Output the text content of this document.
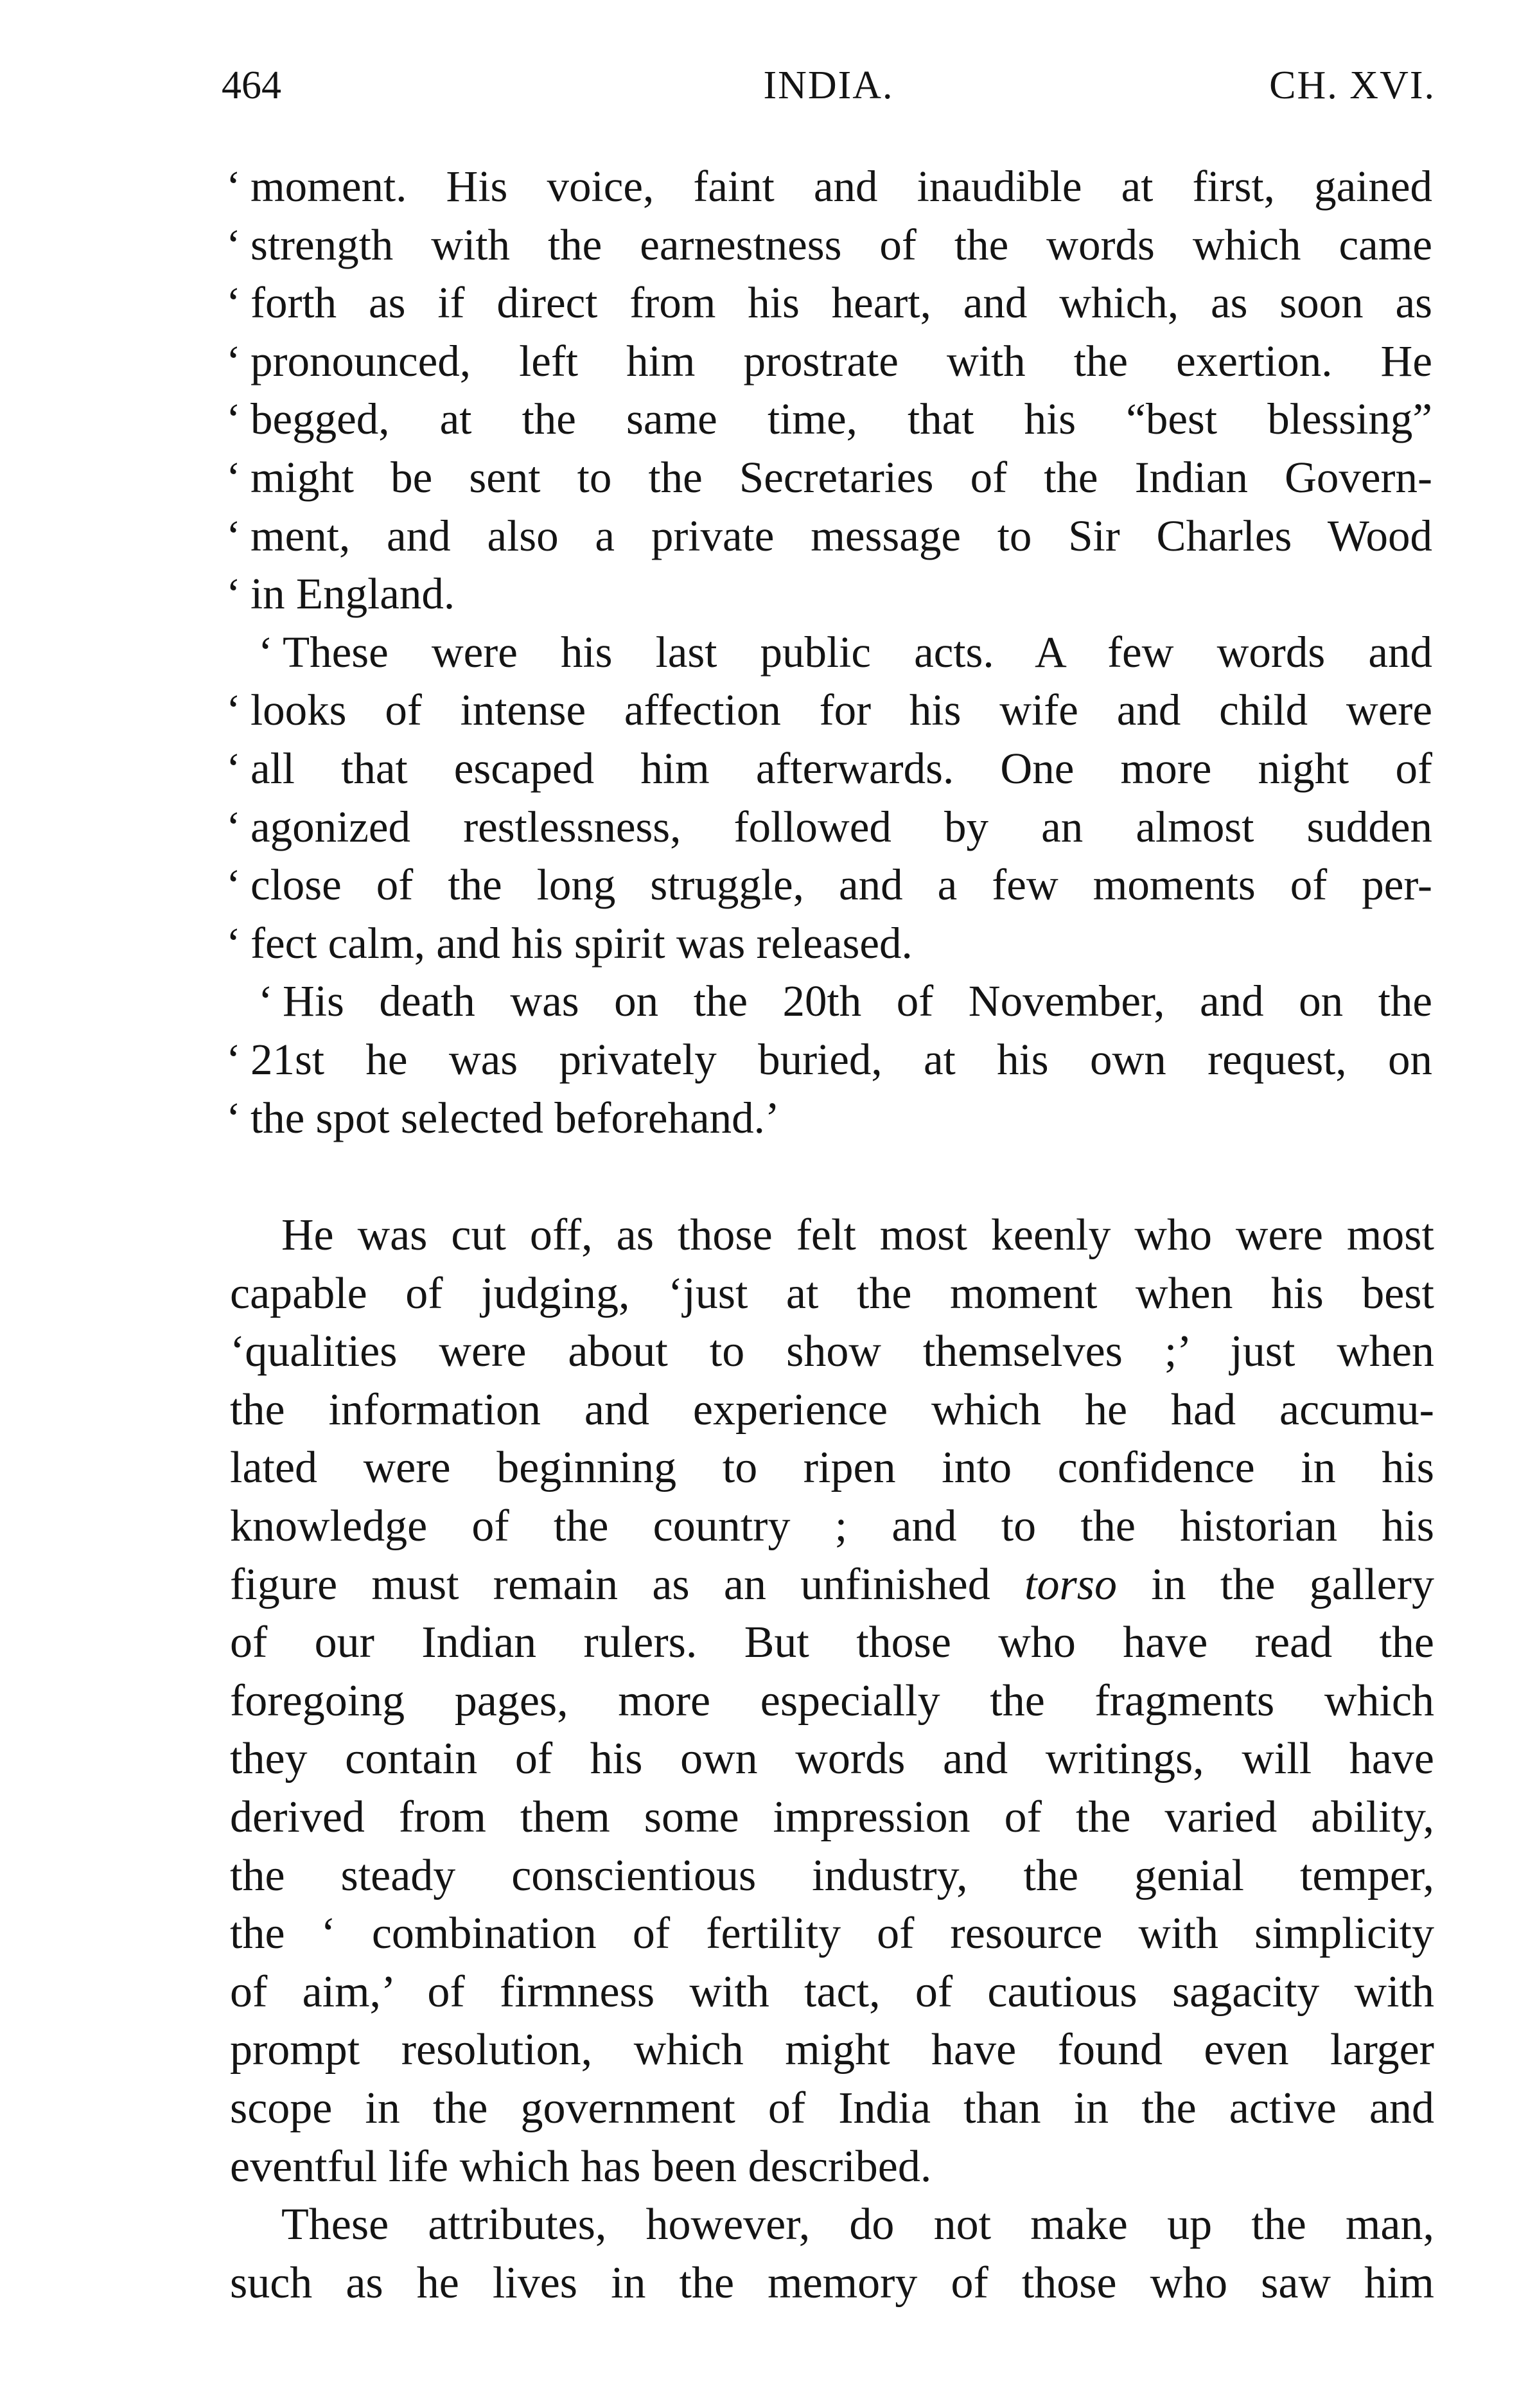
464	INDIA.	CH. XVI.
‘ moment. His voice, faint and inaudible at first, gained
‘ strength with the earnestness of the words which came
‘ forth as if direct from his heart, and which, as soon as
‘ pronounced, left him prostrate with the exertion. He
‘ begged, at the same time, that his “best blessing”
‘ might be sent to the Secretaries of the Indian Govern-
‘ ment, and also a private message to Sir Charles Wood
‘ in England.
‘ These were his last public acts. A few words and
‘ looks of intense affection for his wife and child were
‘ all that escaped him afterwards. One more night of
‘ agonized restlessness, followed by an almost sudden
‘ close of the long struggle, and a few moments of per-
‘ fect calm, and his spirit was released.
‘ His death was on the 20th of November, and on the
‘ 21st he was privately buried, at his own request, on
‘ the spot selected beforehand.’
He was cut off, as those felt most keenly who were most
capable of judging, ‘just at the moment when his best
‘qualities were about to show themselves ;’ just when
the information and experience which he had accumu-
lated were beginning to ripen into confidence in his
knowledge of the country ; and to the historian his
figure must remain as an unfinished torso in the gallery
of our Indian rulers. But those who have read the
foregoing pages, more especially the fragments which
they contain of his own words and writings, will have
derived from them some impression of the varied ability,
the steady conscientious industry, the genial temper,
the ‘ combination of fertility of resource with simplicity
of aim,’ of firmness with tact, of cautious sagacity with
prompt resolution, which might have found even larger
scope in the government of India than in the active and
eventful life which has been described.
These attributes, however, do not make up the man,
such as he lives in the memory of those who saw him
